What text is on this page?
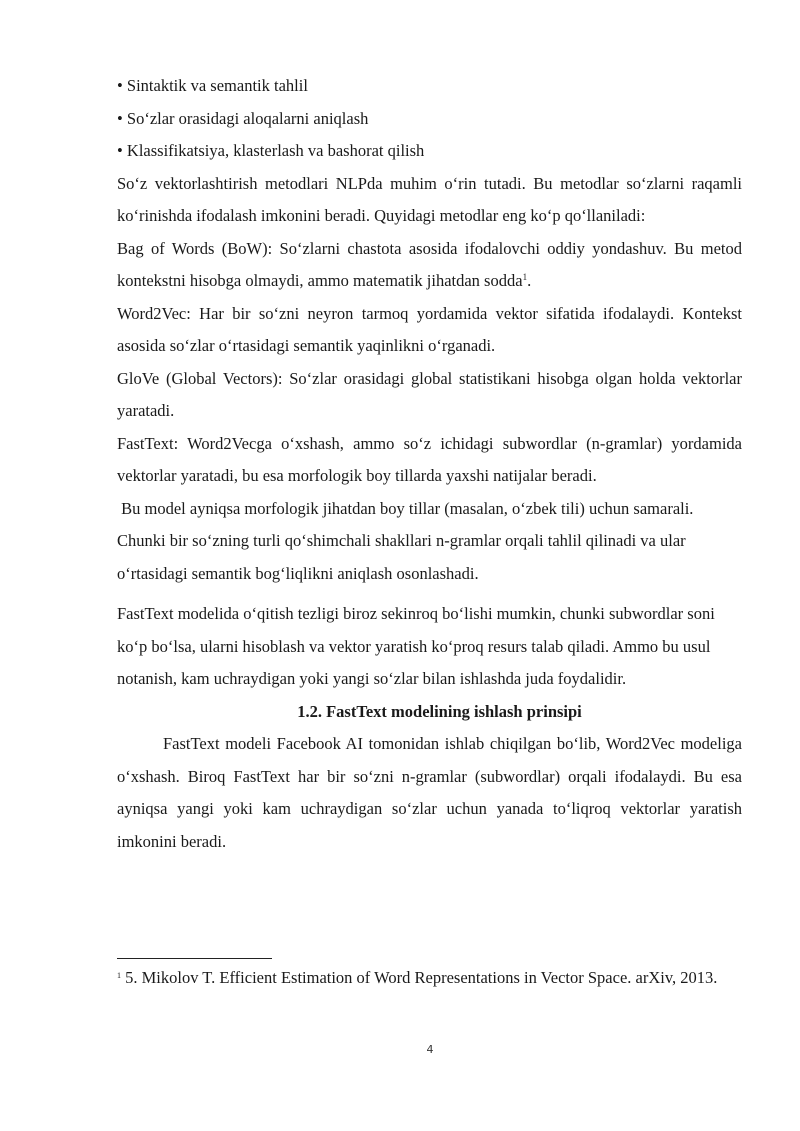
• Sintaktik va semantik tahlil

• So‘zlar orasidagi aloqalarni aniqlash

• Klassifikatsiya, klasterlash va bashorat qilish

So‘z vektorlashtirish metodlari NLPda muhim o‘rin tutadi. Bu metodlar so‘zlarni raqamli ko‘rinishda ifodalash imkonini beradi. Quyidagi metodlar eng ko‘p qo‘llaniladi:

Bag of Words (BoW): So‘zlarni chastota asosida ifodalovchi oddiy yondashuv. Bu metod kontekstni hisobga olmaydi, ammo matematik jihatdan sodda$^1$.

Word2Vec: Har bir so‘zni neyron tarmoq yordamida vektor sifatida ifodalaydi. Kontekst asosida so‘zlar o‘rtasidagi semantik yaqinlikni o‘rganadi.

GloVe (Global Vectors): So‘zlar orasidagi global statistikani hisobga olgan holda vektorlar yaratadi.

FastText: Word2Vecga o‘xshash, ammo so‘z ichidagi subwordlar (n-gramlar) yordamida vektorlar yaratadi, bu esa morfologik boy tillarda yaxshi natijalar beradi.

Bu model ayniqsa morfologik jihatdan boy tillar (masalan, o‘zbek tili) uchun samarali. Chunki bir so‘zning turli qo‘shimchali shakllari n-gramlar orqali tahlil qilinadi va ular o‘rtasidagi semantik bog‘liqlikni aniqlash osonlashadi.

FastText modelida o‘qitish tezligi biroz sekinroq bo‘lishi mumkin, chunki subwordlar soni ko‘p bo‘lsa, ularni hisoblash va vektor yaratish ko‘proq resurs talab qiladi. Ammo bu usul notanish, kam uchraydigan yoki yangi so‘zlar bilan ishlashda juda foydalidir.

1.2. FastText modelining ishlash prinsipi

FastText modeli Facebook AI tomonidan ishlab chiqilgan bo‘lib, Word2Vec modeliga o‘xshash. Biroq FastText har bir so‘zni n-gramlar (subwordlar) orqali ifodalaydi. Bu esa ayniqsa yangi yoki kam uchraydigan so‘zlar uchun yanada to‘liqroq vektorlar yaratish imkonini beradi.

$^1$ 5. Mikolov T. Efficient Estimation of Word Representations in Vector Space. arXiv, 2013.

4
